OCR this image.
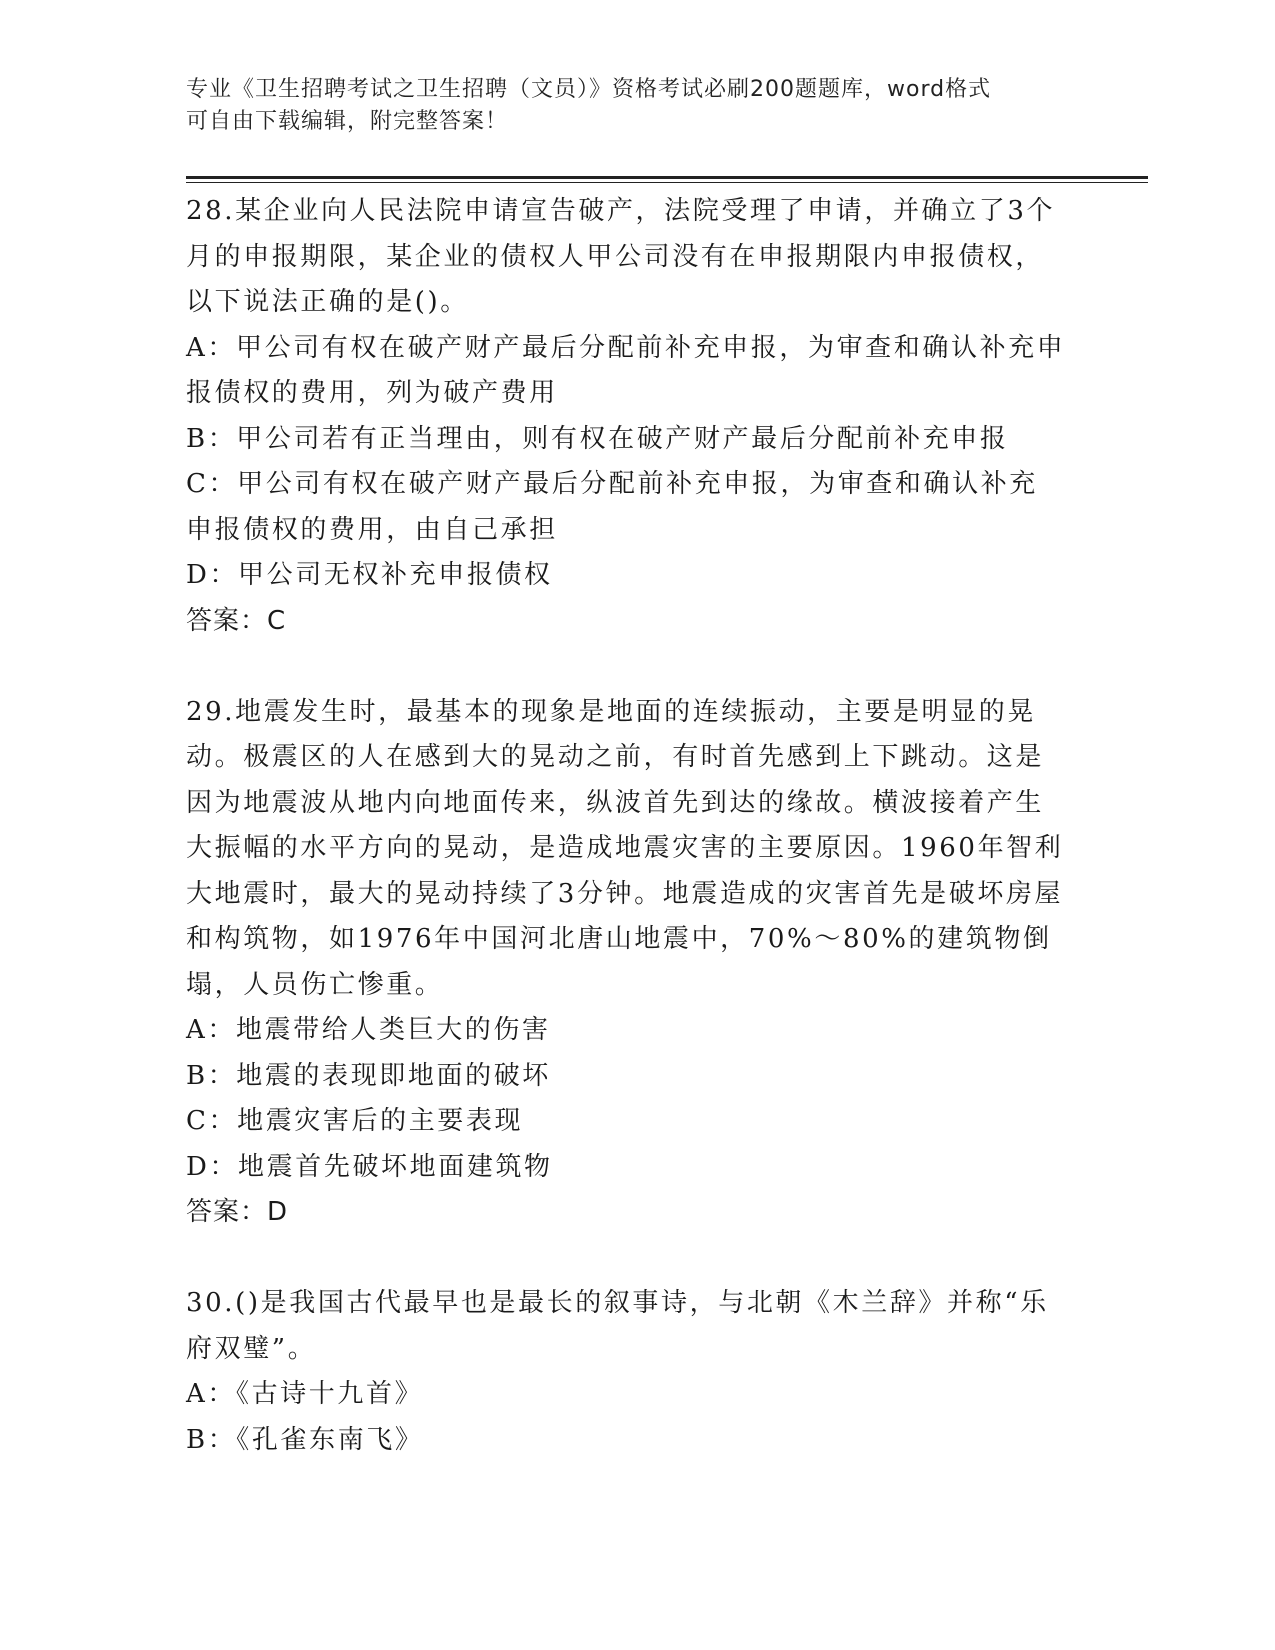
专业《卫生招聘考试之卫生招聘（文员）》资格考试必刷200题题库，word格式
可自由下载编辑，附完整答案！

28.某企业向人民法院申请宣告破产，法院受理了申请，并确立了3个月的申报期限，某企业的债权人甲公司没有在申报期限内申报债权，以下说法正确的是()。

A：甲公司有权在破产财产最后分配前补充申报，为审查和确认补充申报债权的费用，列为破产费用

B：甲公司若有正当理由，则有权在破产财产最后分配前补充申报

C：甲公司有权在破产财产最后分配前补充申报，为审查和确认补充申报债权的费用，由自己承担

D：甲公司无权补充申报债权

答案：C

29.地震发生时，最基本的现象是地面的连续振动，主要是明显的晃动。极震区的人在感到大的晃动之前，有时首先感到上下跳动。这是因为地震波从地内向地面传来，纵波首先到达的缘故。横波接着产生大振幅的水平方向的晃动，是造成地震灾害的主要原因。1960年智利大地震时，最大的晃动持续了3分钟。地震造成的灾害首先是破坏房屋和构筑物，如1976年中国河北唐山地震中，70%～80%的建筑物倒塌，人员伤亡惨重。

A：地震带给人类巨大的伤害

B：地震的表现即地面的破坏

C：地震灾害后的主要表现

D：地震首先破坏地面建筑物

答案：D

30.()是我国古代最早也是最长的叙事诗，与北朝《木兰辞》并称“乐府双璧”。

A：《古诗十九首》

B：《孔雀东南飞》
